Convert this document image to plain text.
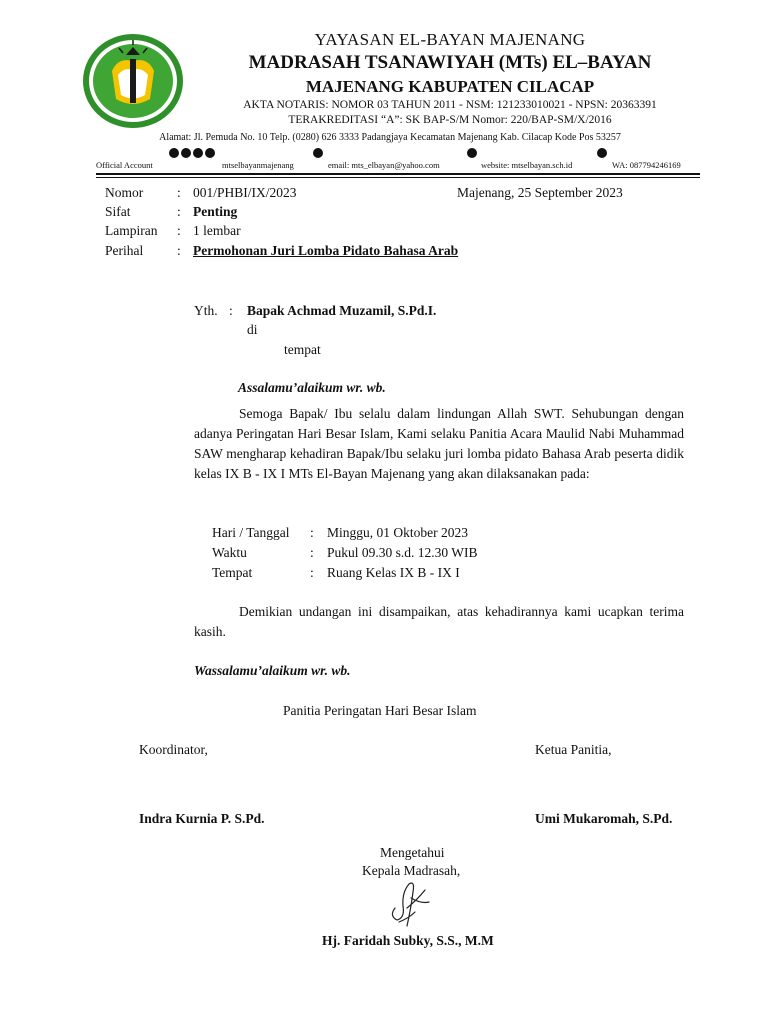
YAYASAN EL-BAYAN MAJENANG
MADRASAH TSANAWIYAH (MTs) EL–BAYAN
MAJENANG KABUPATEN CILACAP
AKTA NOTARIS: NOMOR 03 TAHUN 2011 - NSM: 121233010021 - NPSN: 20363391
TERAKREDITASI “A”: SK BAP-S/M Nomor: 220/BAP-SM/X/2016
Alamat: Jl. Pemuda No. 10 Telp. (0280) 626 3333 Padangjaya Kecamatan Majenang Kab. Cilacap Kode Pos 53257
Official Account	mtselbayanmajenang	email: mts_elbayan@yahoo.com	website: mtselbayan.sch.id	WA: 087794246169
Nomor	: 001/PHBI/IX/2023	Majenang, 25 September 2023
Sifat	: Penting
Lampiran : 1 lembar
Perihal	: Permohonan Juri Lomba Pidato Bahasa Arab
Yth. : Bapak Achmad Muzamil, S.Pd.I.
di
tempat
Assalamu’alaikum wr. wb.
Semoga Bapak/ Ibu selalu dalam lindungan Allah SWT. Sehubungan dengan adanya Peringatan Hari Besar Islam, Kami selaku Panitia Acara Maulid Nabi Muhammad SAW mengharap kehadiran Bapak/Ibu selaku juri lomba pidato Bahasa Arab peserta didik kelas IX B - IX I MTs El-Bayan Majenang yang akan dilaksanakan pada:
Hari / Tanggal : Minggu, 01 Oktober 2023
Waktu	: Pukul 09.30 s.d. 12.30 WIB
Tempat	: Ruang Kelas IX B - IX I
Demikian undangan ini disampaikan, atas kehadirannya kami ucapkan terima kasih.
Wassalamu’alaikum wr. wb.
Panitia Peringatan Hari Besar Islam
Koordinator,	Ketua Panitia,
Indra Kurnia P. S.Pd.	Umi Mukaromah, S.Pd.
Mengetahui
Kepala Madrasah,
Hj. Faridah Subky, S.S., M.M
